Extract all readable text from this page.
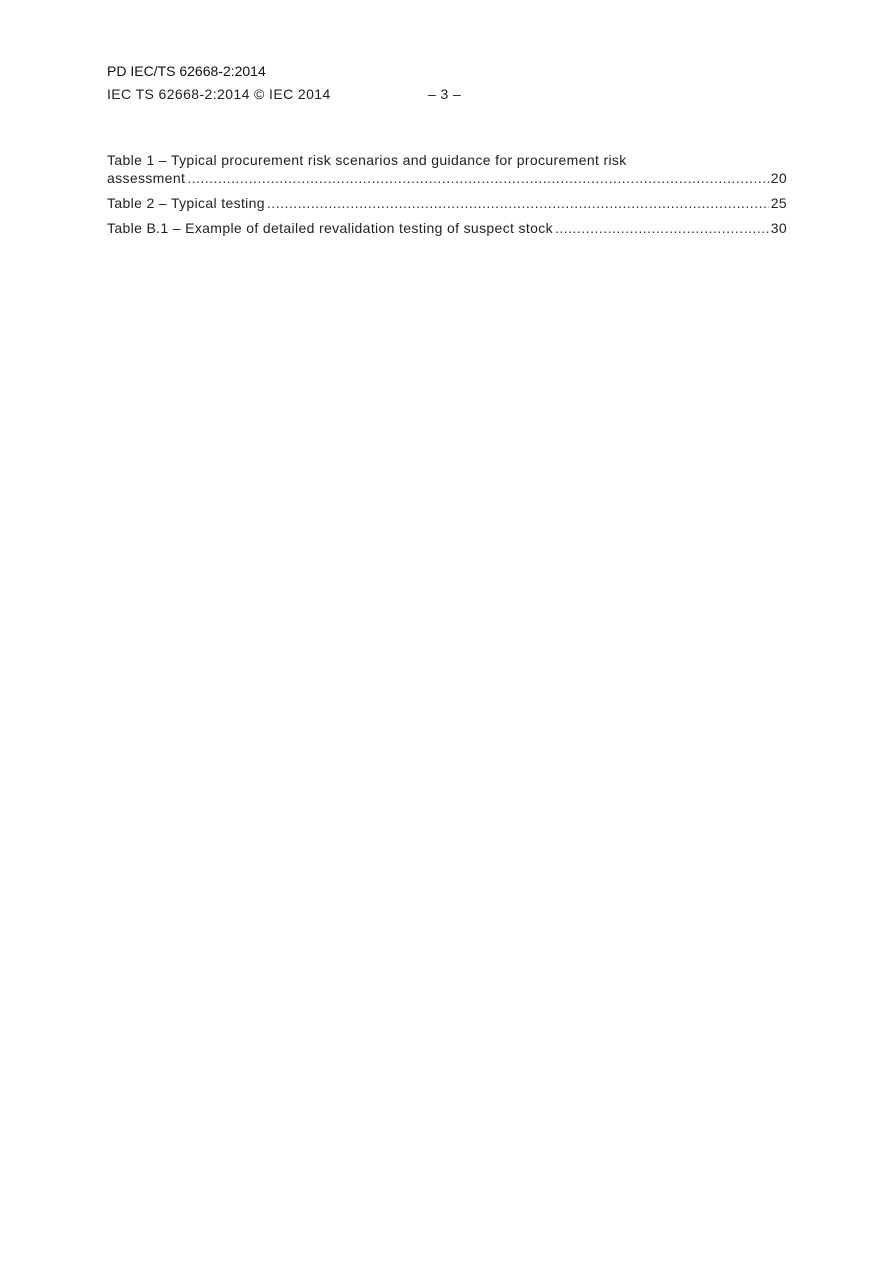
PD IEC/TS 62668-2:2014
IEC TS 62668-2:2014 © IEC 2014	– 3 –
Table 1 – Typical procurement risk scenarios and guidance for procurement risk
assessment .....	20
Table 2 – Typical testing .....	25
Table B.1 – Example of detailed revalidation testing of suspect stock .....	30
